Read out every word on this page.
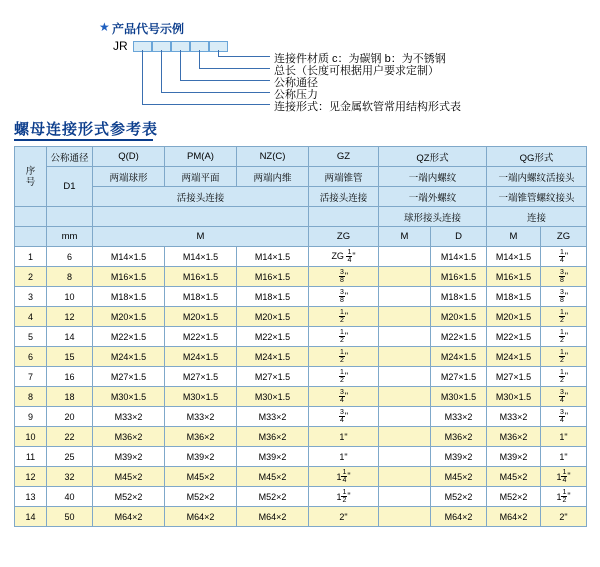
★ 产品代号示例
JR
连接件材质 c：为碳钢 b：为不锈钢
总长（长度可根据用户要求定制）
公称通径
公称压力
连接形式：见金属软管常用结构形式表
螺母连接形式参考表
序
号	公称通径	Q(D)	PM(A)	NZ(C)	GZ	QZ形式		QG形式	
	D1	两端球形	两端平面	两端内维	两端锥管	一端内螺纹		一端内螺纹活接头	
		活接头连接			活接头连接	一端外螺纹		一端锥管螺纹接头	
						球形接头连接		连接	
	mm	M			ZG	M	D	M	ZG
1	6	M14×1.5	M14×1.5	M14×1.5	ZG $\frac{1}{4}$ "		M14×1.5	M14×1.5	$\frac{1}{4}$ "
2	8	M16×1.5	M16×1.5	M16×1.5	$\frac{3}{8}$ "		M16×1.5	M16×1.5	$\frac{3}{8}$ "
3	10	M18×1.5	M18×1.5	M18×1.5	$\frac{3}{8}$ "		M18×1.5	M18×1.5	$\frac{3}{8}$ "
4	12	M20×1.5	M20×1.5	M20×1.5	$\frac{1}{2}$ "		M20×1.5	M20×1.5	$\frac{1}{2}$ "
5	14	M22×1.5	M22×1.5	M22×1.5	$\frac{1}{2}$ "		M22×1.5	M22×1.5	$\frac{1}{2}$ "
6	15	M24×1.5	M24×1.5	M24×1.5	$\frac{1}{2}$ "		M24×1.5	M24×1.5	$\frac{1}{2}$ "
7	16	M27×1.5	M27×1.5	M27×1.5	$\frac{1}{2}$ "		M27×1.5	M27×1.5	$\frac{1}{2}$ "
8	18	M30×1.5	M30×1.5	M30×1.5	$\frac{3}{4}$ "		M30×1.5	M30×1.5	$\frac{3}{4}$ "
9	20	M33×2	M33×2	M33×2	$\frac{3}{4}$ "		M33×2	M33×2	$\frac{3}{4}$ "
10	22	M36×2	M36×2	M36×2	1"		M36×2	M36×2	1"
11	25	M39×2	M39×2	M39×2	1"		M39×2	M39×2	1"
12	32	M45×2	M45×2	M45×2	$1 \frac{1}{4}$ "		M45×2	M45×2	$1 \frac{1}{4}$ "
13	40	M52×2	M52×2	M52×2	$1 \frac{1}{2}$ "		M52×2	M52×2	$1 \frac{1}{2}$ "
14	50	M64×2	M64×2	M64×2	2"		M64×2	M64×2	2"
